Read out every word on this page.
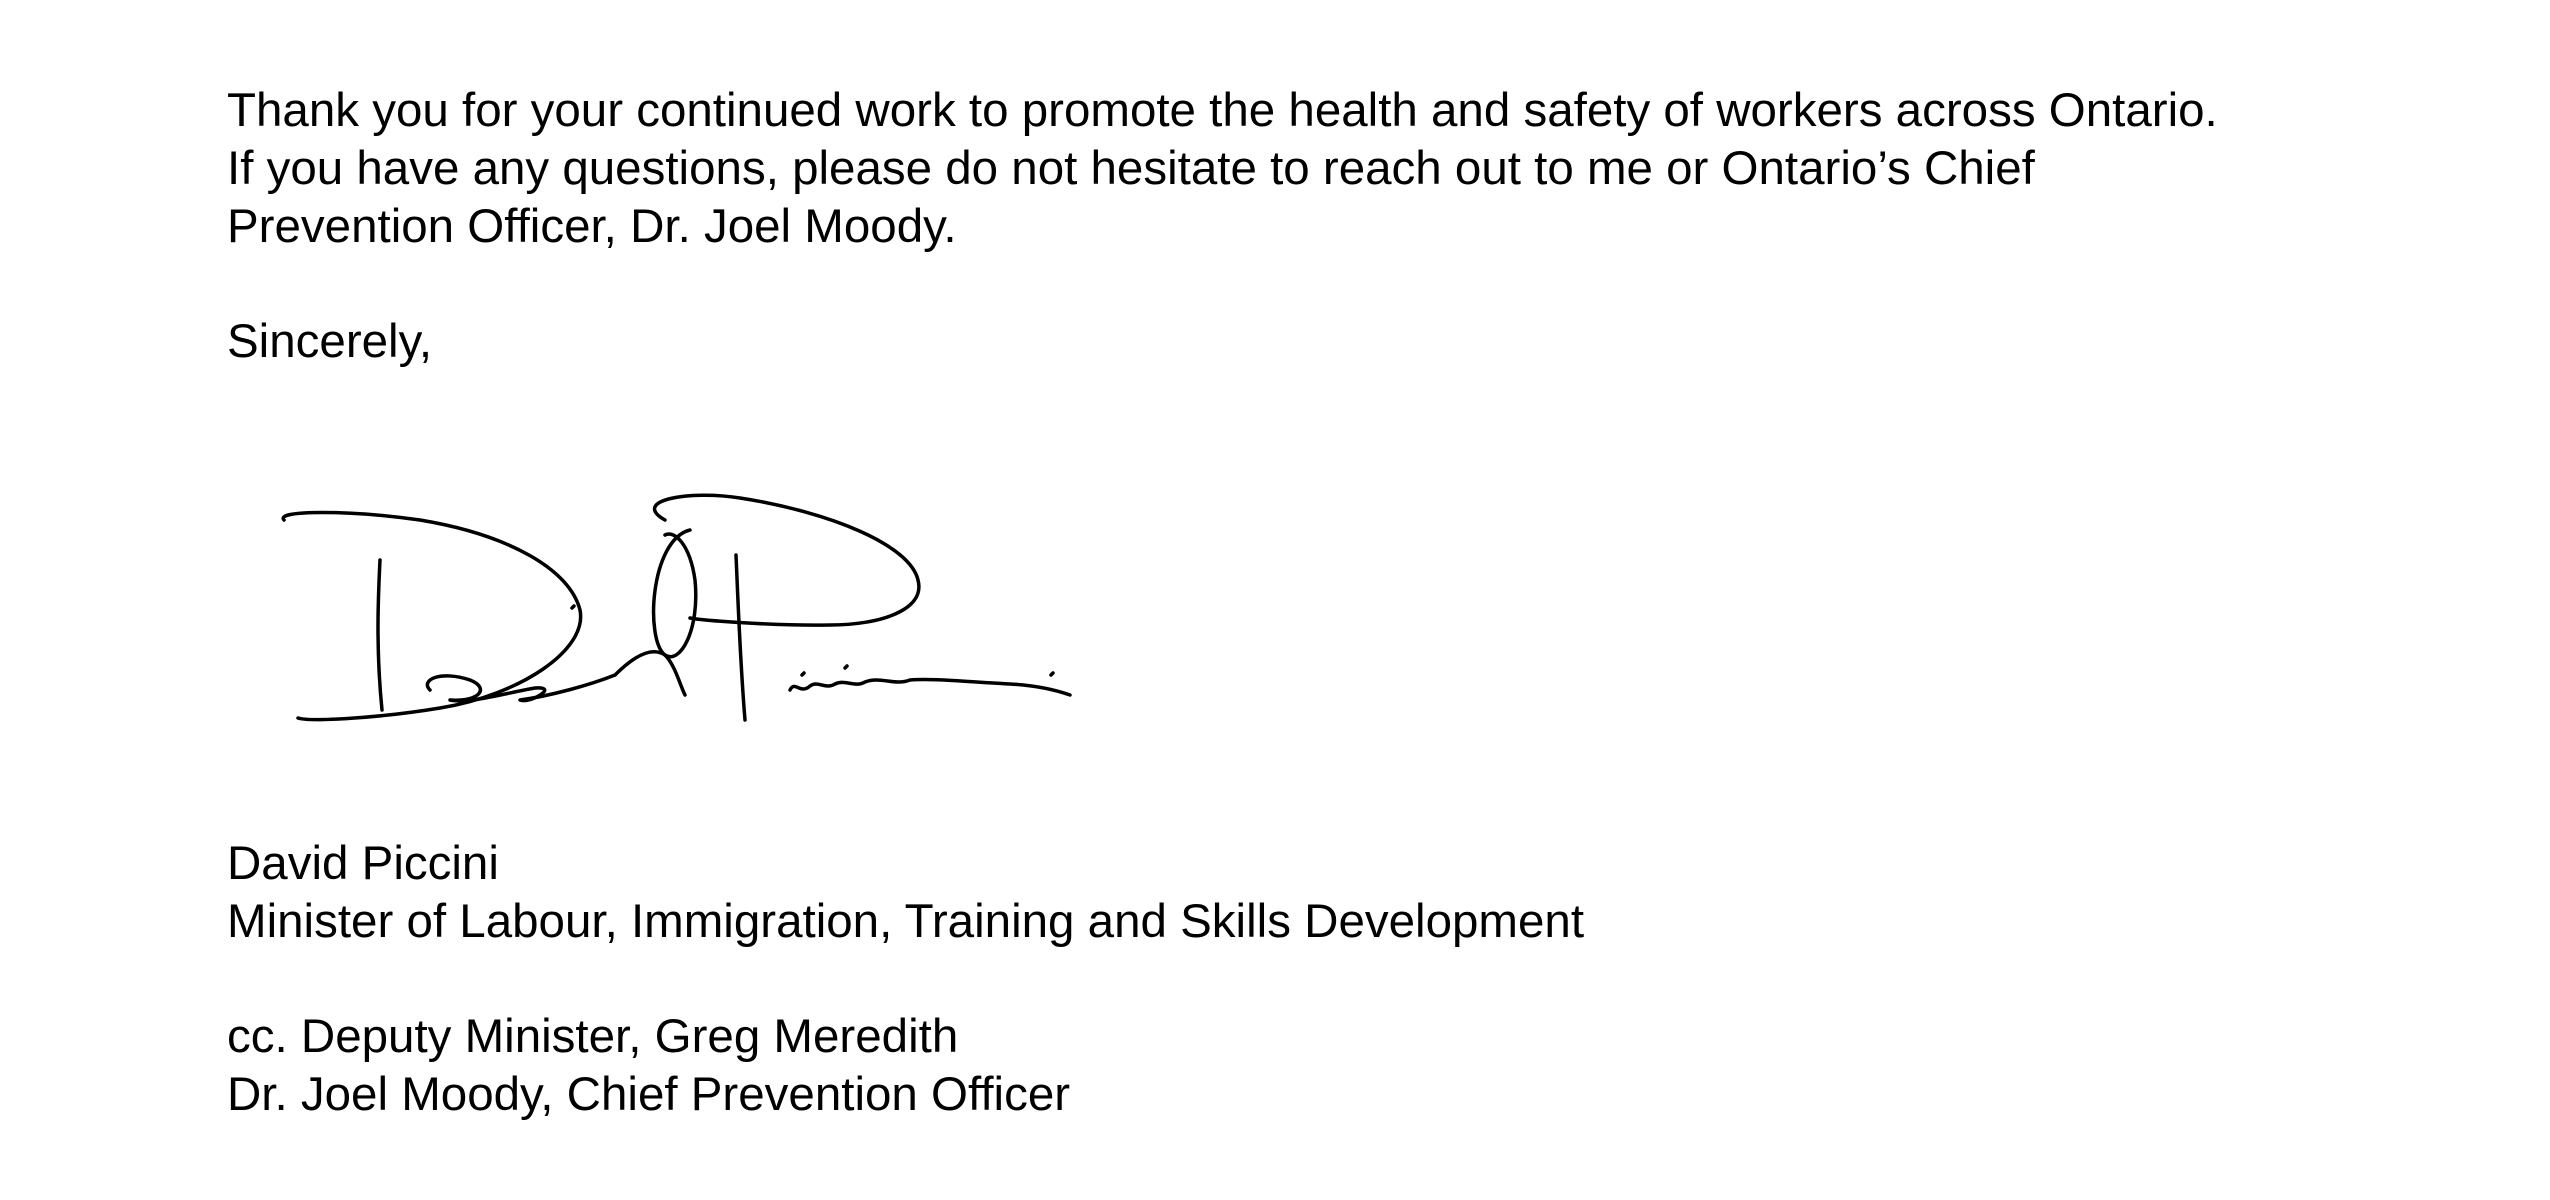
Thank you for your continued work to promote the health and safety of workers across Ontario.
If you have any questions, please do not hesitate to reach out to me or Ontario’s Chief
Prevention Officer, Dr. Joel Moody.
Sincerely,
David Piccini
Minister of Labour, Immigration, Training and Skills Development
cc. Deputy Minister, Greg Meredith
Dr. Joel Moody, Chief Prevention Officer
